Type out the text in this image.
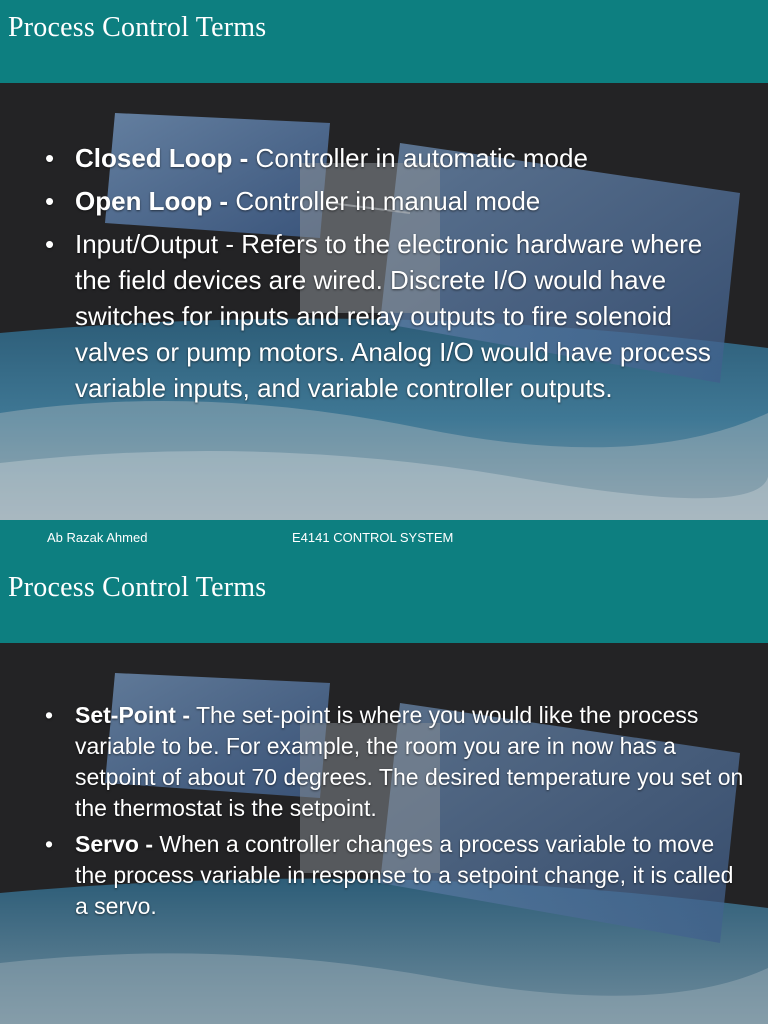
Process Control Terms
• Closed Loop - Controller in automatic mode
• Open Loop - Controller in manual mode
• Input/Output - Refers to the electronic hardware where the field devices are wired. Discrete I/O would have switches for inputs and relay outputs to fire solenoid valves or pump motors. Analog I/O would have process variable inputs, and variable controller outputs.
Ab Razak Ahmed	E4141 CONTROL SYSTEM
Process Control Terms
• Set-Point - The set-point is where you would like the process variable to be. For example, the room you are in now has a setpoint of about 70 degrees. The desired temperature you set on the thermostat is the setpoint.
• Servo - When a controller changes a process variable to move the process variable in response to a setpoint change, it is called a servo.
